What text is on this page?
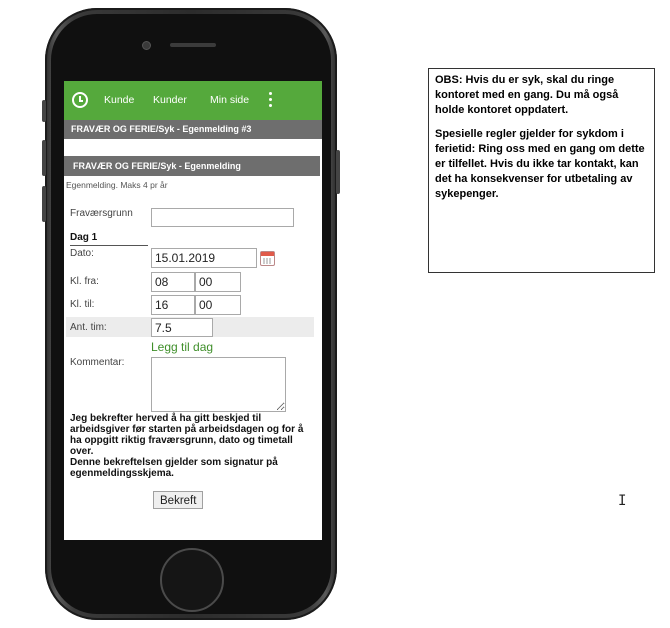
Kunde Kunder Min side
FRAVÆR OG FERIE/Syk - Egenmelding #3
FRAVÆR OG FERIE/Syk - Egenmelding
Egenmelding. Maks 4 pr år
Fraværsgrunn
Dag 1
Dato:
15.01.2019
Kl. fra:
08
00
Kl. til:
16
00
Ant. tim:
7.5
Legg til dag
Kommentar:
Jeg bekrefter herved å ha gitt beskjed til arbeidsgiver før starten på arbeidsdagen og for å ha oppgitt riktig fraværsgrunn, dato og timetall over.
Denne bekreftelsen gjelder som signatur på egenmeldingsskjema.
Bekreft

OBS: Hvis du er syk, skal du ringe kontoret med en gang. Du må også holde kontoret oppdatert.

Spesielle regler gjelder for sykdom i ferietid: Ring oss med en gang om dette er tilfellet. Hvis du ikke tar kontakt, kan det ha konsekvenser for utbetaling av sykepenger.

I
